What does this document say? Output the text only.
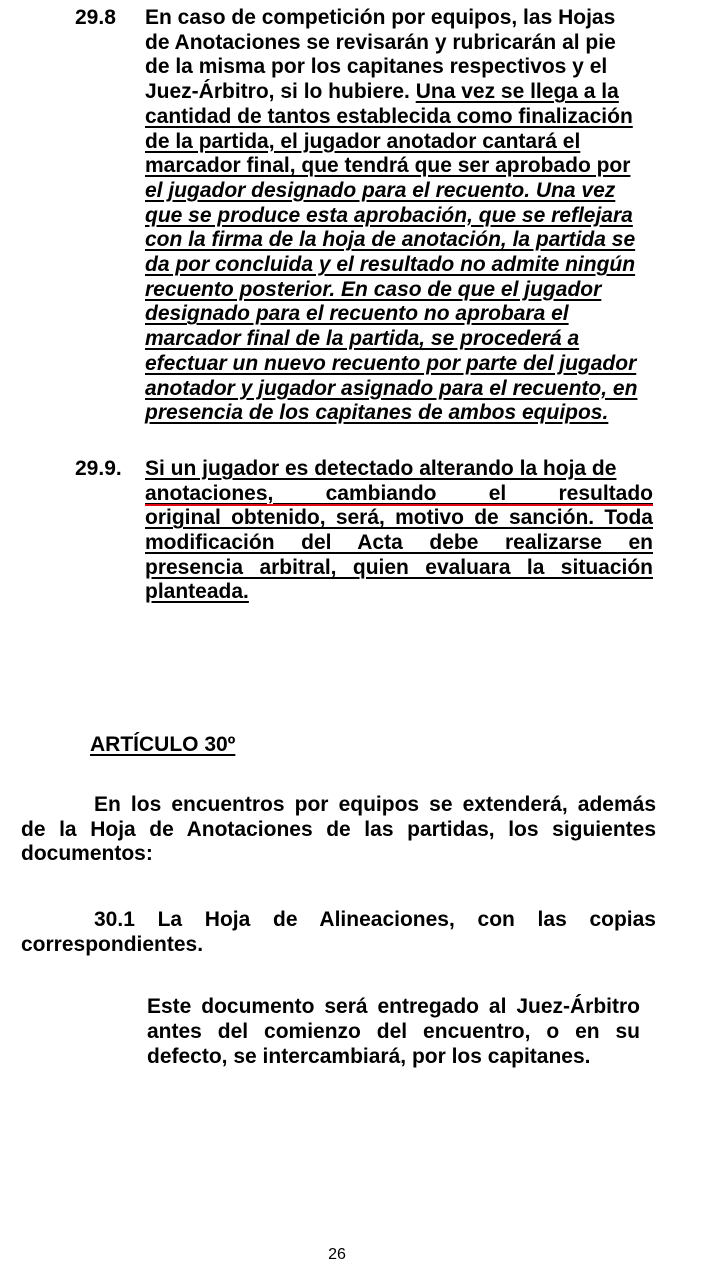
29.8	En caso de competición por equipos, las Hojas
de Anotaciones se revisarán y rubricarán al pie
de la misma por los capitanes respectivos y el
Juez-Árbitro, si lo hubiere. Una vez se llega a la
cantidad de tantos establecida como finalización
de la partida, el jugador anotador cantará el
marcador final, que tendrá que ser aprobado por
el jugador designado para el recuento. Una vez
que se produce esta aprobación, que se reflejara
con la firma de la hoja de anotación, la partida se
da por concluida y el resultado no admite ningún
recuento posterior. En caso de que el jugador
designado para el recuento no aprobara el
marcador final de la partida, se procederá a
efectuar un nuevo recuento por parte del jugador
anotador y jugador asignado para el recuento, en
presencia de los capitanes de ambos equipos.
29.9.	Si un jugador es detectado alterando la hoja de
anotaciones, cambiando el resultado
original obtenido, será, motivo de sanción. Toda
modificación del Acta debe realizarse en
presencia arbitral, quien evaluara la situación
planteada.
ARTÍCULO 30º
En los encuentros por equipos se extenderá, además
de la Hoja de Anotaciones de las partidas, los siguientes
documentos:
30.1 La Hoja de Alineaciones, con las copias
correspondientes.
Este documento será entregado al Juez-Árbitro
antes del comienzo del encuentro, o en su
defecto, se intercambiará, por los capitanes.
26
